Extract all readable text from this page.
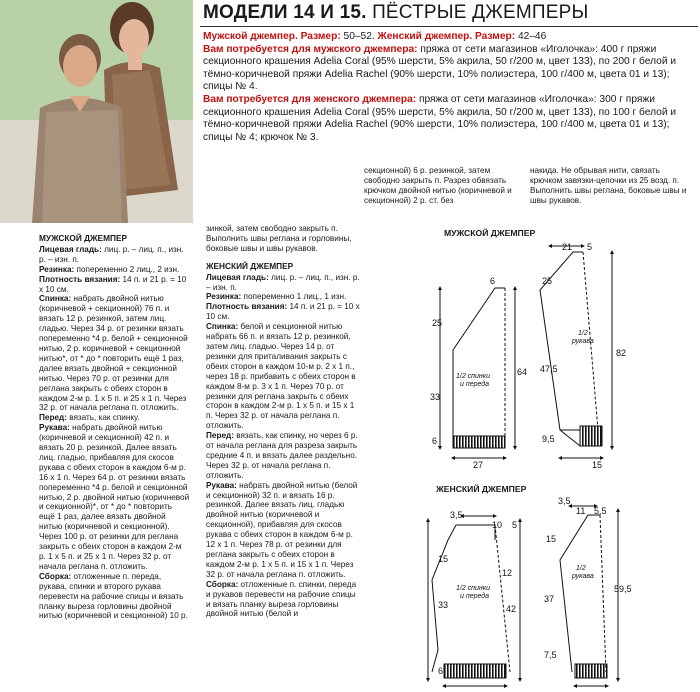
МОДЕЛИ 14 И 15. ПЁСТРЫЕ ДЖЕМПЕРЫ

Мужской джемпер. Размер: 50–52. Женский джемпер. Размер: 42–46

Вам потребуется для мужского джемпера: пряжа от сети магазинов «Иголочка»: 400 г пряжи секционного крашения Adelia Coral (95% шерсти, 5% акрила, 50 г/200 м, цвет 133), по 200 г белой и тёмно-коричневой пряжи Adelia Rachel (90% шерсти, 10% полиэстера, 100 г/400 м, цвета 01 и 13); спицы № 4.

Вам потребуется для женского джемпера: пряжа от сети магазинов «Иголочка»: 300 г пряжи секционного крашения Adelia Coral (95% шерсти, 5% акрила, 50 г/200 м, цвет 133), по 100 г белой и тёмно-коричневой пряжи Adelia Rachel (90% шерсти, 10% полиэстера, 100 г/400 м, цвета 01 и 13); спицы № 4; крючок № 3.

МУЖСКОЙ ДЖЕМПЕР

Лицевая гладь: лиц. р. – лиц. п., изн. р. – изн. п.

Резинка: попеременно 2 лиц., 2 изн.

Плотность вязания: 14 п. и 21 р. = 10 х 10 см.

Спинка: набрать двойной нитью (коричневой + секционной) 76 п. и вязать 12 р. резинкой, затем лиц. гладью. Через 34 р. от резинки вязать попеременно *4 р. белой + секционной нитью, 2 р. коричневой + секционной нитью*, от * до * повторить ещё 1 раз, далее вязать двойной + секционной нитью. Через 70 р. от резинки для реглана закрыть с обеих сторон в каждом 2-м р. 1 х 5 п. и 25 х 1 п. Через 32 р. от начала реглана п. отложить.

Перед: вязать, как спинку.

Рукава: набрать двойной нитью (коричневой и секционной) 42 п. и вязать 20 р. резинкой. Далее вязать лиц. гладью, прибавляя для скосов рукава с обеих сторон в каждом 6-м р. 16 х 1 п. Через 64 р. от резинки вязать попеременно *4 р. белой и секционной нитью, 2 р. двойной нитью (коричневой и секционной)*, от * до * повторить ещё 1 раз, далее вязать двойной нитью (коричневой и секционной). Через 100 р. от резинки для реглана закрыть с обеих сторон в каждом 2-м р. 1 х 5 п. и 25 х 1 п. Через 32 р. от начала реглана п. отложить.

Сборка: отложенные п. переда, рукава, спинки и второго рукава перевести на рабочие спицы и вязать планку выреза горловины двойной нитью (коричневой и секционной) 10 р.

зинкой, затем свободно закрыть п. Выполнить швы реглана и горловины, боковые швы и швы рукавов.

ЖЕНСКИЙ ДЖЕМПЕР

Лицевая гладь: лиц. р. – лиц. п., изн. р. – изн. п.

Резинка: попеременно 1 лиц., 1 изн.

Плотность вязания: 14 п. и 21 р. = 10 х 10 см.

Спинка: белой и секционной нитью набрать 66 п. и вязать 12 р. резинкой, затем лиц. гладью. Через 14 р. от резинки для приталивания закрыть с обеих сторон в каждом 10-м р. 2 х 1 п., через 18 р. прибавить с обеих сторон в каждом 8-м р. 3 х 1 п. Через 70 р. от резинки для реглана закрыть с обеих сторон в каждом 2-м р. 1 х 5 п. и 15 х 1 п. Через 32 р. от начала реглана п. отложить.

Перед: вязать, как спинку, но через 6 р. от начала реглана для разреза закрыть средние 4 п. и вязать далее раздельно. Через 32 р. от начала реглана п. отложить.

Рукава: набрать двойной нитью (белой и секционной) 32 п. и вязать 16 р. резинкой. Далее вязать лиц. гладью двойной нитью (коричневой и секционной), прибавляя для скосов рукава с обеих сторон в каждом 6-м р. 12 х 1 п. Через 78 р. от резинки для реглана закрыть с обеих сторон в каждом 2-м р. 1 х 5 п. и 15 х 1 п. Через 32 р. от начала реглана п. отложить.

Сборка: отложенные п. спинки, переда и рукавов перевести на рабочие спицы и вязать планку выреза горловины двойной нитью (белой и

секционной) 6 р. резинкой, затем свободно закрыть п. Разрез обвязать крючком двойной нитью (коричневой и секционной) 2 р. ст. без

накида. Не обрывая нити, связать крючком завязки-цепочки из 25 возд. п. Выполнить швы реглана, боковые швы и швы рукавов.

МУЖСКОЙ ДЖЕМПЕР
ЖЕНСКИЙ ДЖЕМПЕР
6
25
33
64
6
27
1/2 спинки
и переда
21 5
25
47,5
82
9,5
15
1/2
рукава
3,5
10 5
15
33
12
42
6
1/2 спинки
и переда
3,5
11 5,5
15
37
59,5
7,5
1/2
рукава
